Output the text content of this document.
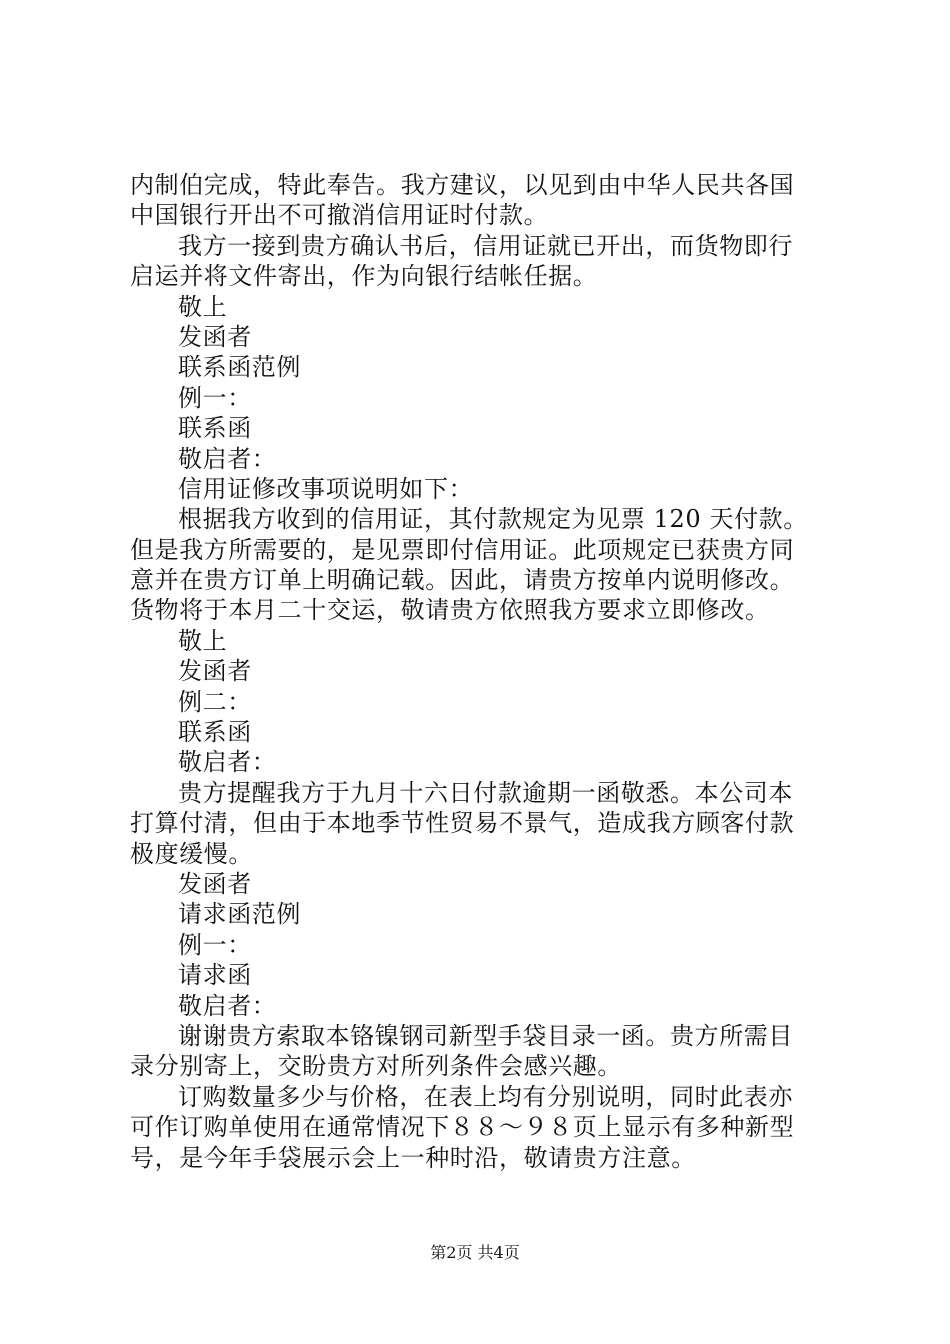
内制伯完成，特此奉告。我方建议，以见到由中华人民共各国
中国银行开出不可撤消信用证时付款。
我方一接到贵方确认书后，信用证就已开出，而货物即行
启运并将文件寄出，作为向银行结帐任据。
敬上
发函者
联系函范例
例一：
联系函
敬启者：
信用证修改事项说明如下：
根据我方收到的信用证，其付款规定为见票 120 天付款。
但是我方所需要的，是见票即付信用证。此项规定已获贵方同
意并在贵方订单上明确记载。因此，请贵方按单内说明修改。
货物将于本月二十交运，敬请贵方依照我方要求立即修改。
敬上
发函者
例二：
联系函
敬启者：
贵方提醒我方于九月十六日付款逾期一函敬悉。本公司本
打算付清，但由于本地季节性贸易不景气，造成我方顾客付款
极度缓慢。
发函者
请求函范例
例一：
请求函
敬启者：
谢谢贵方索取本铬镍钢司新型手袋目录一函。贵方所需目
录分别寄上，交盼贵方对所列条件会感兴趣。
订购数量多少与价格，在表上均有分别说明，同时此表亦
可作订购单使用在通常情况下８８～９８页上显示有多种新型
号，是今年手袋展示会上一种时沿，敬请贵方注意。
第2页 共4页
